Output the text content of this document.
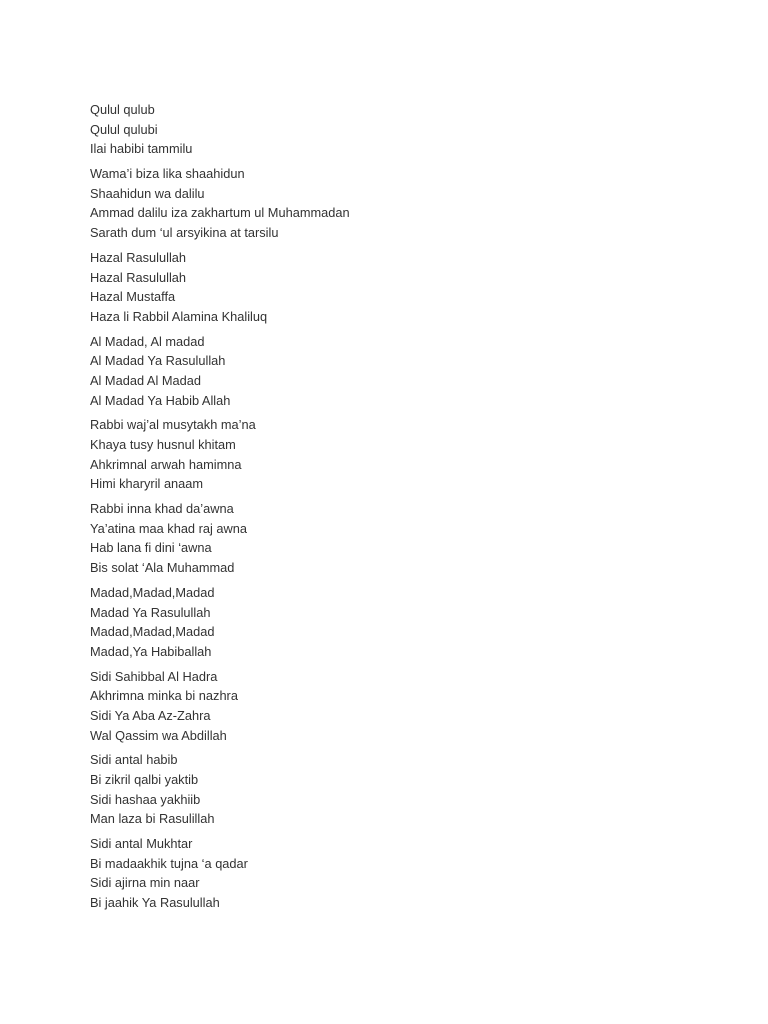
Qulul qulub
Qulul qulubi
Ilai habibi tammilu
Wama’i biza lika shaahidun
Shaahidun wa dalilu
Ammad dalilu iza zakhartum ul Muhammadan
Sarath dum ‘ul arsyikina at tarsilu
Hazal Rasulullah
Hazal Rasulullah
Hazal Mustaffa
Haza li Rabbil Alamina Khaliluq
Al Madad, Al madad
Al Madad Ya Rasulullah
Al Madad Al Madad
Al Madad Ya Habib Allah
Rabbi waj’al musytakh ma’na
Khaya tusy husnul khitam
Ahkrimnal arwah hamimna
Himi kharyril anaam
Rabbi inna khad da’awna
Ya’atina maa khad raj awna
Hab lana fi dini ‘awna
Bis solat ‘Ala Muhammad
Madad,Madad,Madad
Madad Ya Rasulullah
Madad,Madad,Madad
Madad,Ya Habiballah
Sidi Sahibbal Al Hadra
Akhrimna minka bi nazhra
Sidi Ya Aba Az-Zahra
Wal Qassim wa Abdillah
Sidi antal habib
Bi zikril qalbi yaktib
Sidi hashaa yakhiib
Man laza bi Rasulillah
Sidi antal Mukhtar
Bi madaakhik tujna ‘a qadar
Sidi ajirna min naar
Bi jaahik Ya Rasulullah
